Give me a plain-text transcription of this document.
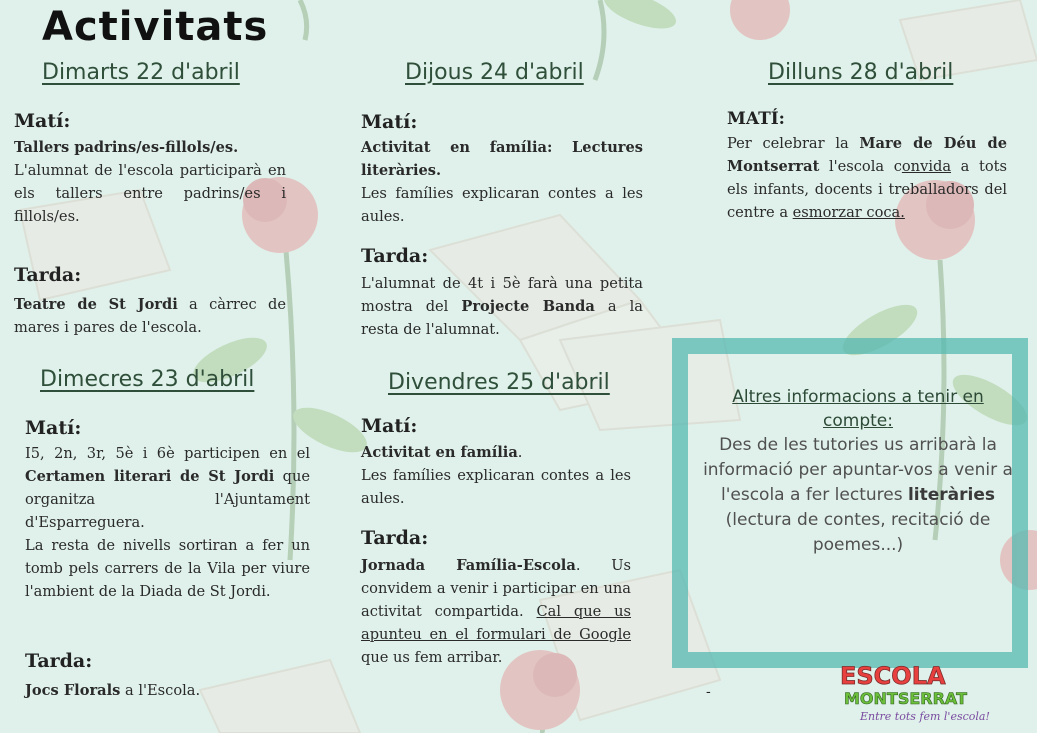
Activitats
Dimarts 22 d'abril
Matí:
Tallers padrins/es-fillols/es.
L'alumnat de l'escola participarà en els tallers entre padrins/es i fillols/es.
Tarda:
Teatre de St Jordi a càrrec de mares i pares de l'escola.
Dimecres 23 d'abril
Matí:
I5, 2n, 3r, 5è i 6è participen en el Certamen literari de St Jordi que organitza l'Ajuntament d'Esparreguera.
La resta de nivells sortiran a fer un tomb pels carrers de la Vila per viure l'ambient de la Diada de St Jordi.
Tarda:
Jocs Florals a l'Escola.
Dijous 24 d'abril
Matí:
Activitat en família: Lectures literàries.
Les famílies explicaran contes a les aules.
Tarda:
L'alumnat de 4t i 5è farà una petita mostra del Projecte Banda a la resta de l'alumnat.
Divendres 25 d'abril
Matí:
Activitat en família.
Les famílies explicaran contes a les aules.
Tarda:
Jornada Família-Escola. Us convidem a venir i participar en una activitat compartida. Cal que us apunteu en el formulari de Google que us fem arribar.
Dilluns 28 d'abril
MATÍ:
Per celebrar la Mare de Déu de Montserrat l'escola convida a tots els infants, docents i treballadors del centre a esmorzar coca.
Altres informacions a tenir en compte:
Des de les tutories us arribarà la informació per apuntar-vos a venir a l'escola a fer lectures literàries (lectura de contes, recitació de poemes...)
-
ESCOLA
MONTSERRAT
Entre tots fem l'escola!
